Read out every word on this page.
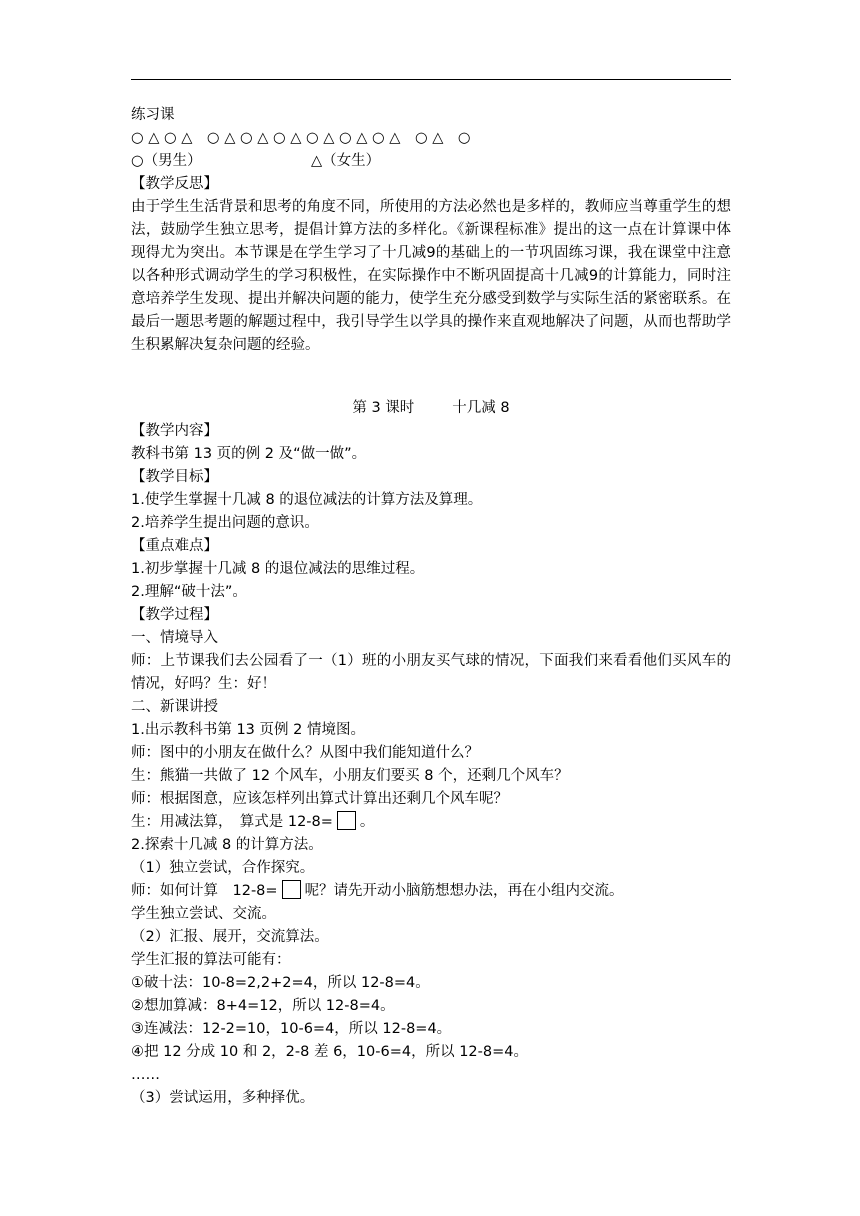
练习课
○ △ ○ △　○ △ ○ △ ○ △ ○ △ ○ △ ○ △　○ △　○
○（男生）	△（女生）
【教学反思】
由于学生生活背景和思考的角度不同，所使用的方法必然也是多样的，教师应当尊重学生的想法，鼓励学生独立思考，提倡计算方法的多样化。《新课程标准》提出的这一点在计算课中体现得尤为突出。本节课是在学生学习了十几减9的基础上的一节巩固练习课，我在课堂中注意以各种形式调动学生的学习积极性，在实际操作中不断巩固提高十几减9的计算能力，同时注意培养学生发现、提出并解决问题的能力，使学生充分感受到数学与实际生活的紧密联系。在最后一题思考题的解题过程中，我引导学生以学具的操作来直观地解决了问题，从而也帮助学生积累解决复杂问题的经验。
第 3 课时	十几减 8
【教学内容】
教科书第 13 页的例 2 及“做一做”。
【教学目标】
1.使学生掌握十几减 8 的退位减法的计算方法及算理。
2.培养学生提出问题的意识。
【重点难点】
1.初步掌握十几减 8 的退位减法的思维过程。
2.理解“破十法”。
【教学过程】
一、情境导入
师：上节课我们去公园看了一（1）班的小朋友买气球的情况，下面我们来看看他们买风车的情况，好吗？生：好！
二、新课讲授
1.出示教科书第 13 页例 2 情境图。
师：图中的小朋友在做什么？从图中我们能知道什么？
生：熊猫一共做了 12 个风车，小朋友们要买 8 个，还剩几个风车？
师：根据图意，应该怎样列出算式计算出还剩几个风车呢？
生：用减法算，　算式是 12-8= 。
2.探索十几减 8 的计算方法。
（1）独立尝试，合作探究。
师：如何计算　12-8= 呢？请先开动小脑筋想想办法，再在小组内交流。
学生独立尝试、交流。
（2）汇报、展开，交流算法。
学生汇报的算法可能有：
①破十法：10-8=2,2+2=4，所以 12-8=4。
②想加算减：8+4=12，所以 12-8=4。
③连减法：12-2=10，10-6=4，所以 12-8=4。
④把 12 分成 10 和 2，2-8 差 6，10-6=4，所以 12-8=4。
……
（3）尝试运用，多种择优。
